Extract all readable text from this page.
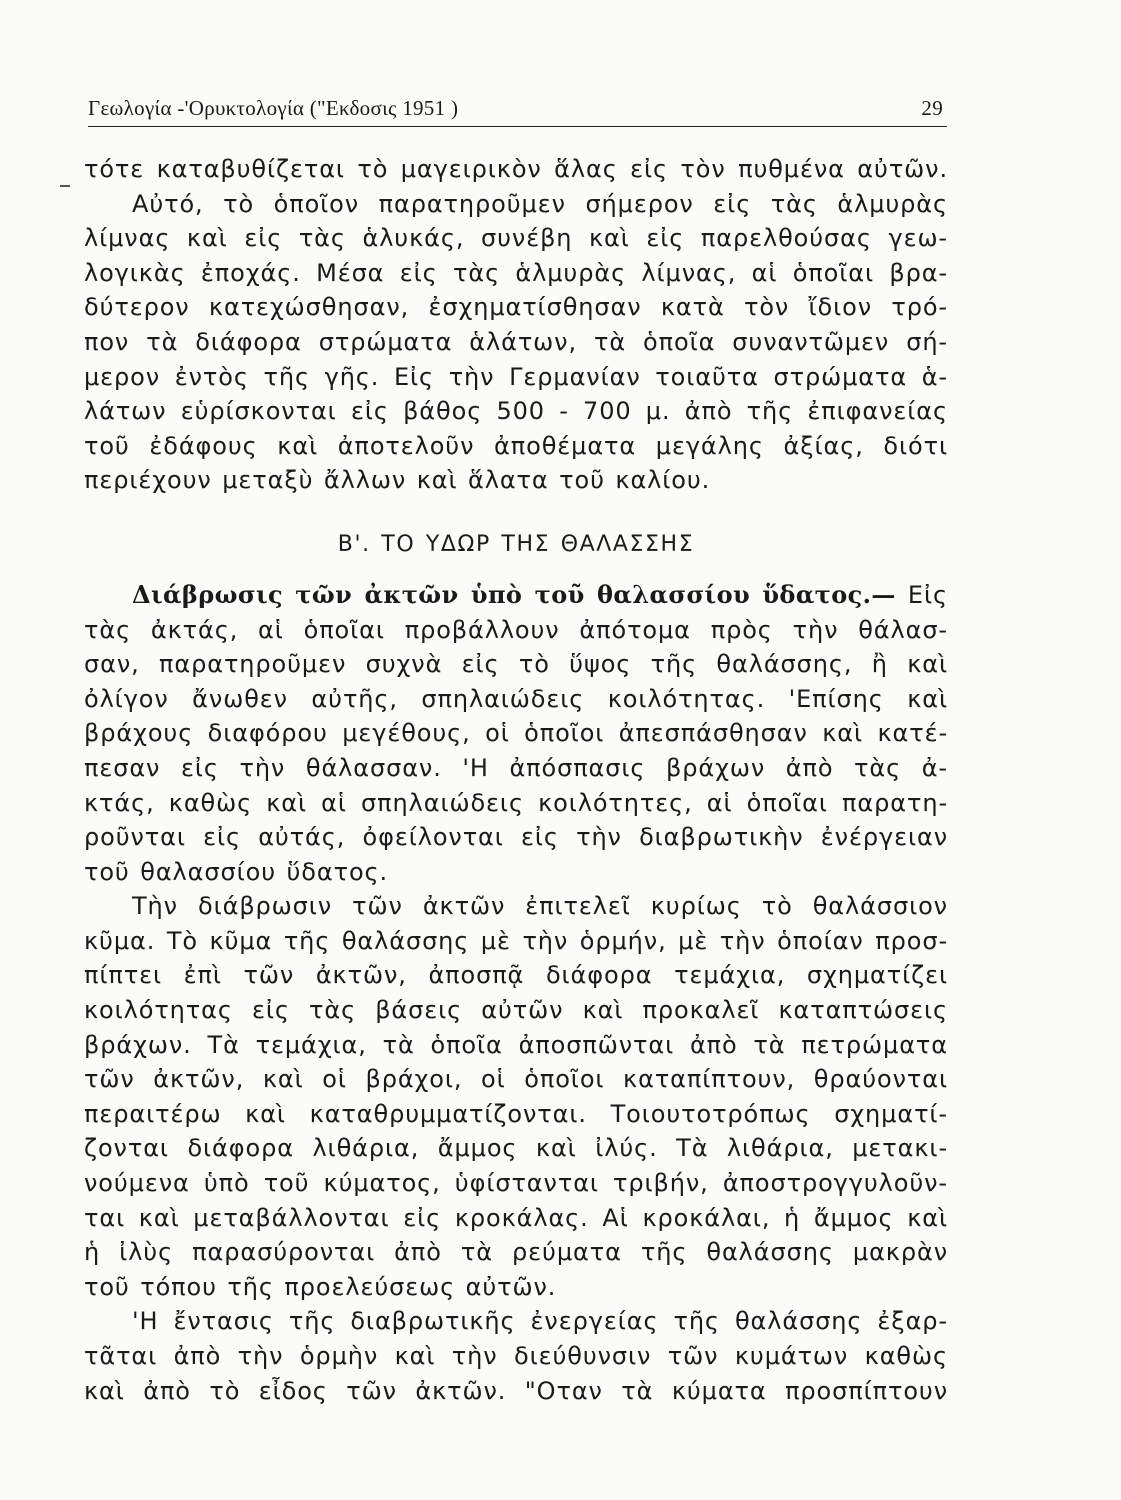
Γεωλογία -'Ορυκτολογία ("Εκδοσις 1951 )	29
τότε καταβυθίζεται τὸ μαγειρικὸν ἅλας εἰς τὸν πυθμένα αὐτῶν.
Αὐτό, τὸ ὁποῖον παρατηροῦμεν σήμερον εἰς τὰς ἁλμυρὰς
λίμνας καὶ εἰς τὰς ἁλυκάς, συνέβη καὶ εἰς παρελθούσας γεω-
λογικὰς ἐποχάς. Μέσα εἰς τὰς ἁλμυρὰς λίμνας, αἱ ὁποῖαι βρα-
δύτερον κατεχώσθησαν, ἐσχηματίσθησαν κατὰ τὸν ἴδιον τρό-
πον τὰ διάφορα στρώματα ἁλάτων, τὰ ὁποῖα συναντῶμεν σή-
μερον ἐντὸς τῆς γῆς. Εἰς τὴν Γερμανίαν τοιαῦτα στρώματα ἁ-
λάτων εὑρίσκονται εἰς βάθος 500 - 700 μ. ἀπὸ τῆς ἐπιφανείας
τοῦ ἐδάφους καὶ ἀποτελοῦν ἀποθέματα μεγάλης ἀξίας, διότι
περιέχουν μεταξὺ ἄλλων καὶ ἅλατα τοῦ καλίου.
Β'. ΤΟ ΥΔΩΡ ΤΗΣ ΘΑΛΑΣΣΗΣ
Διάβρωσις τῶν ἀκτῶν ὑπὸ τοῦ θαλασσίου ὕδατος.— Εἰς
τὰς ἀκτάς, αἱ ὁποῖαι προβάλλουν ἀπότομα πρὸς τὴν θάλασ-
σαν, παρατηροῦμεν συχνὰ εἰς τὸ ὕψος τῆς θαλάσσης, ἢ καὶ
ὀλίγον ἄνωθεν αὐτῆς, σπηλαιώδεις κοιλότητας. 'Επίσης καὶ
βράχους διαφόρου μεγέθους, οἱ ὁποῖοι ἀπεσπάσθησαν καὶ κατέ-
πεσαν εἰς τὴν θάλασσαν. 'Η ἀπόσπασις βράχων ἀπὸ τὰς ἀ-
κτάς, καθὼς καὶ αἱ σπηλαιώδεις κοιλότητες, αἱ ὁποῖαι παρατη-
ροῦνται εἰς αὐτάς, ὀφείλονται εἰς τὴν διαβρωτικὴν ἐνέργειαν
τοῦ θαλασσίου ὕδατος.
Τὴν διάβρωσιν τῶν ἀκτῶν ἐπιτελεῖ κυρίως τὸ θαλάσσιον
κῦμα. Τὸ κῦμα τῆς θαλάσσης μὲ τὴν ὁρμήν, μὲ τὴν ὁποίαν προσ-
πίπτει ἐπὶ τῶν ἀκτῶν, ἀποσπᾷ διάφορα τεμάχια, σχηματίζει
κοιλότητας εἰς τὰς βάσεις αὐτῶν καὶ προκαλεῖ καταπτώσεις
βράχων. Τὰ τεμάχια, τὰ ὁποῖα ἀποσπῶνται ἀπὸ τὰ πετρώματα
τῶν ἀκτῶν, καὶ οἱ βράχοι, οἱ ὁποῖοι καταπίπτουν, θραύονται
περαιτέρω καὶ καταθρυμματίζονται. Τοιουτοτρόπως σχηματί-
ζονται διάφορα λιθάρια, ἄμμος καὶ ἰλύς. Τὰ λιθάρια, μετακι-
νούμενα ὑπὸ τοῦ κύματος, ὑφίστανται τριβήν, ἀποστρογγυλοῦν-
ται καὶ μεταβάλλονται εἰς κροκάλας. Αἱ κροκάλαι, ἡ ἄμμος καὶ
ἡ ἰλὺς παρασύρονται ἀπὸ τὰ ρεύματα τῆς θαλάσσης μακρὰν
τοῦ τόπου τῆς προελεύσεως αὐτῶν.
'Η ἔντασις τῆς διαβρωτικῆς ἐνεργείας τῆς θαλάσσης ἐξαρ-
τᾶται ἀπὸ τὴν ὁρμὴν καὶ τὴν διεύθυνσιν τῶν κυμάτων καθὼς
καὶ ἀπὸ τὸ εἶδος τῶν ἀκτῶν. "Οταν τὰ κύματα προσπίπτουν
